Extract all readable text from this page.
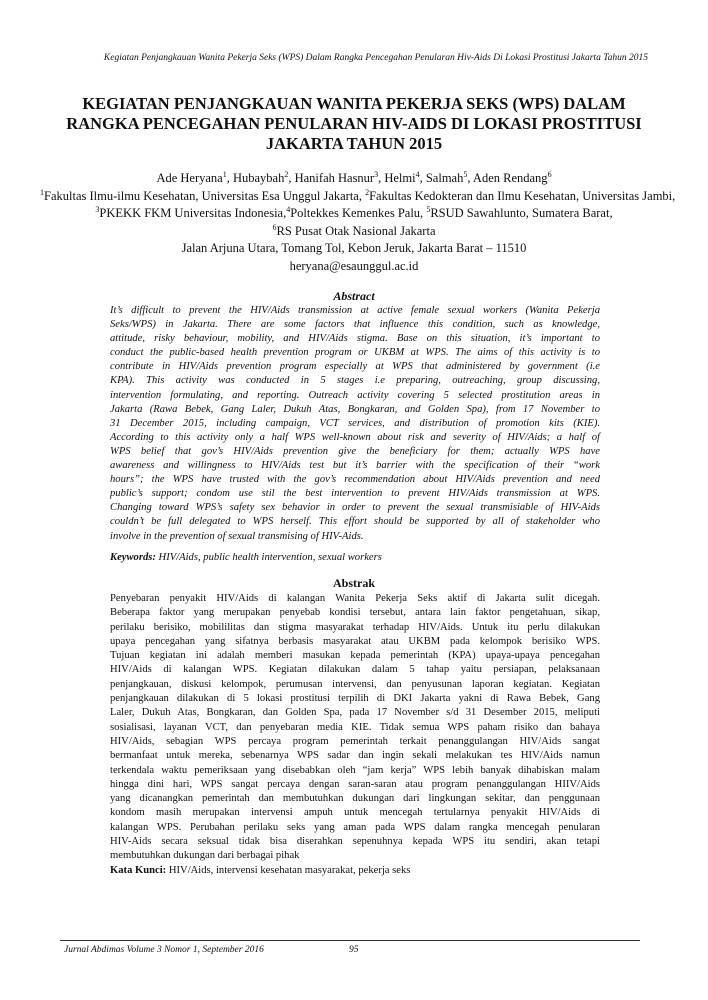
Kegiatan Penjangkauan Wanita Pekerja Seks (WPS) Dalam Rangka Pencegahan Penularan Hiv-Aids Di Lokasi Prostitusi Jakarta Tahun 2015
KEGIATAN PENJANGKAUAN WANITA PEKERJA SEKS (WPS) DALAM RANGKA PENCEGAHAN PENULARAN HIV-AIDS DI LOKASI PROSTITUSI JAKARTA TAHUN 2015
Ade Heryana$^1$, Hubaybah$^2$, Hanifah Hasnur$^3$, Helmi$^4$, Salmah$^5$, Aden Rendang$^6$
$^1$Fakultas Ilmu-ilmu Kesehatan, Universitas Esa Unggul Jakarta, $^2$Fakultas Kedokteran dan Ilmu Kesehatan, Universitas Jambi,
$^3$PKEKK FKM Universitas Indonesia,$^4$Poltekkes Kemenkes Palu, $^5$RSUD Sawahlunto, Sumatera Barat,
$^6$RS Pusat Otak Nasional Jakarta
Jalan Arjuna Utara, Tomang Tol, Kebon Jeruk, Jakarta Barat – 11510
heryana@esaunggul.ac.id
Abstract
It’s difficult to prevent the HIV/Aids transmission at active female sexual workers (Wanita Pekerja
Seks/WPS) in Jakarta. There are some factors that influence this condition, such as knowledge,
attitude, risky behaviour, mobility, and HIV/Aids stigma. Base on this situation, it’s important to
conduct the public-based health prevention program or UKBM at WPS. The aims of this activity is to
contribute in HIV/Aids prevention program especially at WPS that administered by government (i.e
KPA). This activity was conducted in 5 stages i.e preparing, outreaching, group discussing,
intervention formulating, and reporting. Outreach activity covering 5 selected prostitution areas in
Jakarta (Rawa Bebek, Gang Laler, Dukuh Atas, Bongkaran, and Golden Spa), from 17 November to
31 December 2015, including campaign, VCT services, and distribution of promotion kits (KIE).
According to this activity only a half WPS well-known about risk and severity of HIV/Aids; a half of
WPS belief that gov’s HIV/Aids prevention give the beneficiary for them; actually WPS have
awareness and willingness to HIV/Aids test but it’s barrier with the specification of their “work
hours”; the WPS have trusted with the gov’s recommendation about HIV/Aids prevention and need
public’s support; condom use stil the best intervention to prevent HIV/Aids transmission at WPS.
Changing toward WPS’s safety sex behavior in order to prevent the sexual transmisiable of HIV-Aids
couldn’t be full delegated to WPS herself. This effort should be supported by all of stakeholder who
involve in the prevention of sexual transmising of HIV-Aids.
Keywords: HIV/Aids, public health intervention, sexual workers
Abstrak
Penyebaran penyakit HIV/Aids di kalangan Wanita Pekerja Seks aktif di Jakarta sulit dicegah.
Beberapa faktor yang merupakan penyebab kondisi tersebut, antara lain faktor pengetahuan, sikap,
perilaku berisiko, mobililitas dan stigma masyarakat terhadap HIV/Aids. Untuk itu perlu dilakukan
upaya pencegahan yang sifatnya berbasis masyarakat atau UKBM pada kelompok berisiko WPS.
Tujuan kegiatan ini adalah memberi masukan kepada pemerintah (KPA) upaya-upaya pencegahan
HIV/Aids di kalangan WPS. Kegiatan dilakukan dalam 5 tahap yaitu persiapan, pelaksanaan
penjangkauan, diskusi kelompok, perumusan intervensi, dan penyusunan laporan kegiatan. Kegiatan
penjangkauan dilakukan di 5 lokasi prostitusi terpilih di DKI Jakarta yakni di Rawa Bebek, Gang
Laler, Dukuh Atas, Bongkaran, dan Golden Spa, pada 17 November s/d 31 Desember 2015, meliputi
sosialisasi, layanan VCT, dan penyebaran media KIE. Tidak semua WPS paham risiko dan bahaya
HIV/Aids, sebagian WPS percaya program pemerintah terkait penanggulangan HIV/Aids sangat
bermanfaat untuk mereka, sebenarnya WPS sadar dan ingin sekali melakukan tes HIV/Aids namun
terkendala waktu pemeriksaan yang disebabkan oleh “jam kerja” WPS lebih banyak dihabiskan malam
hingga dini hari, WPS sangat percaya dengan saran-saran atau program penanggulangan HIIV/Aids
yang dicanangkan pemerintah dan membutuhkan dukungan dari lingkungan sekitar, dan penggunaan
kondom masih merupakan intervensi ampuh untuk mencegah tertularnya penyakit HIV/Aids di
kalangan WPS. Perubahan perilaku seks yang aman pada WPS dalam rangka mencegah penularan
HIV-Aids secara seksual tidak bisa diserahkan sepenuhnya kepada WPS itu sendiri, akan tetapi
membutuhkan dukungan dari berbagai pihak
Kata Kunci: HIV/Aids, intervensi kesehatan masyarakat, pekerja seks
Jurnal Abdimas Volume 3 Nomor 1, September 2016	95
